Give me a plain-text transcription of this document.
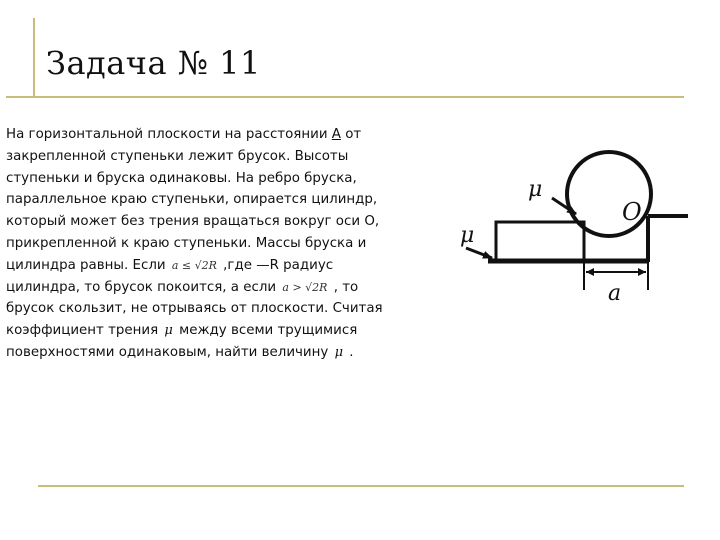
Задача № 11
На горизонтальной плоскости на расстоянии А от
закрепленной ступеньки лежит брусок. Высоты
ступеньки и бруска одинаковы. На ребро бруска,
параллельное краю ступеньки, опирается цилиндр,
который может без трения вращаться вокруг оси О,
прикрепленной к краю ступеньки. Массы бруска и
цилиндра равны. Если a ≤ √2R ,где —R радиус
цилиндра, то брусок покоится, а если a > √2R , то
брусок скользит, не отрываясь от плоскости. Считая
коэффициент трения μ между всеми трущимися
поверхностями одинаковым, найти величину μ .
μ
μ
O
a
